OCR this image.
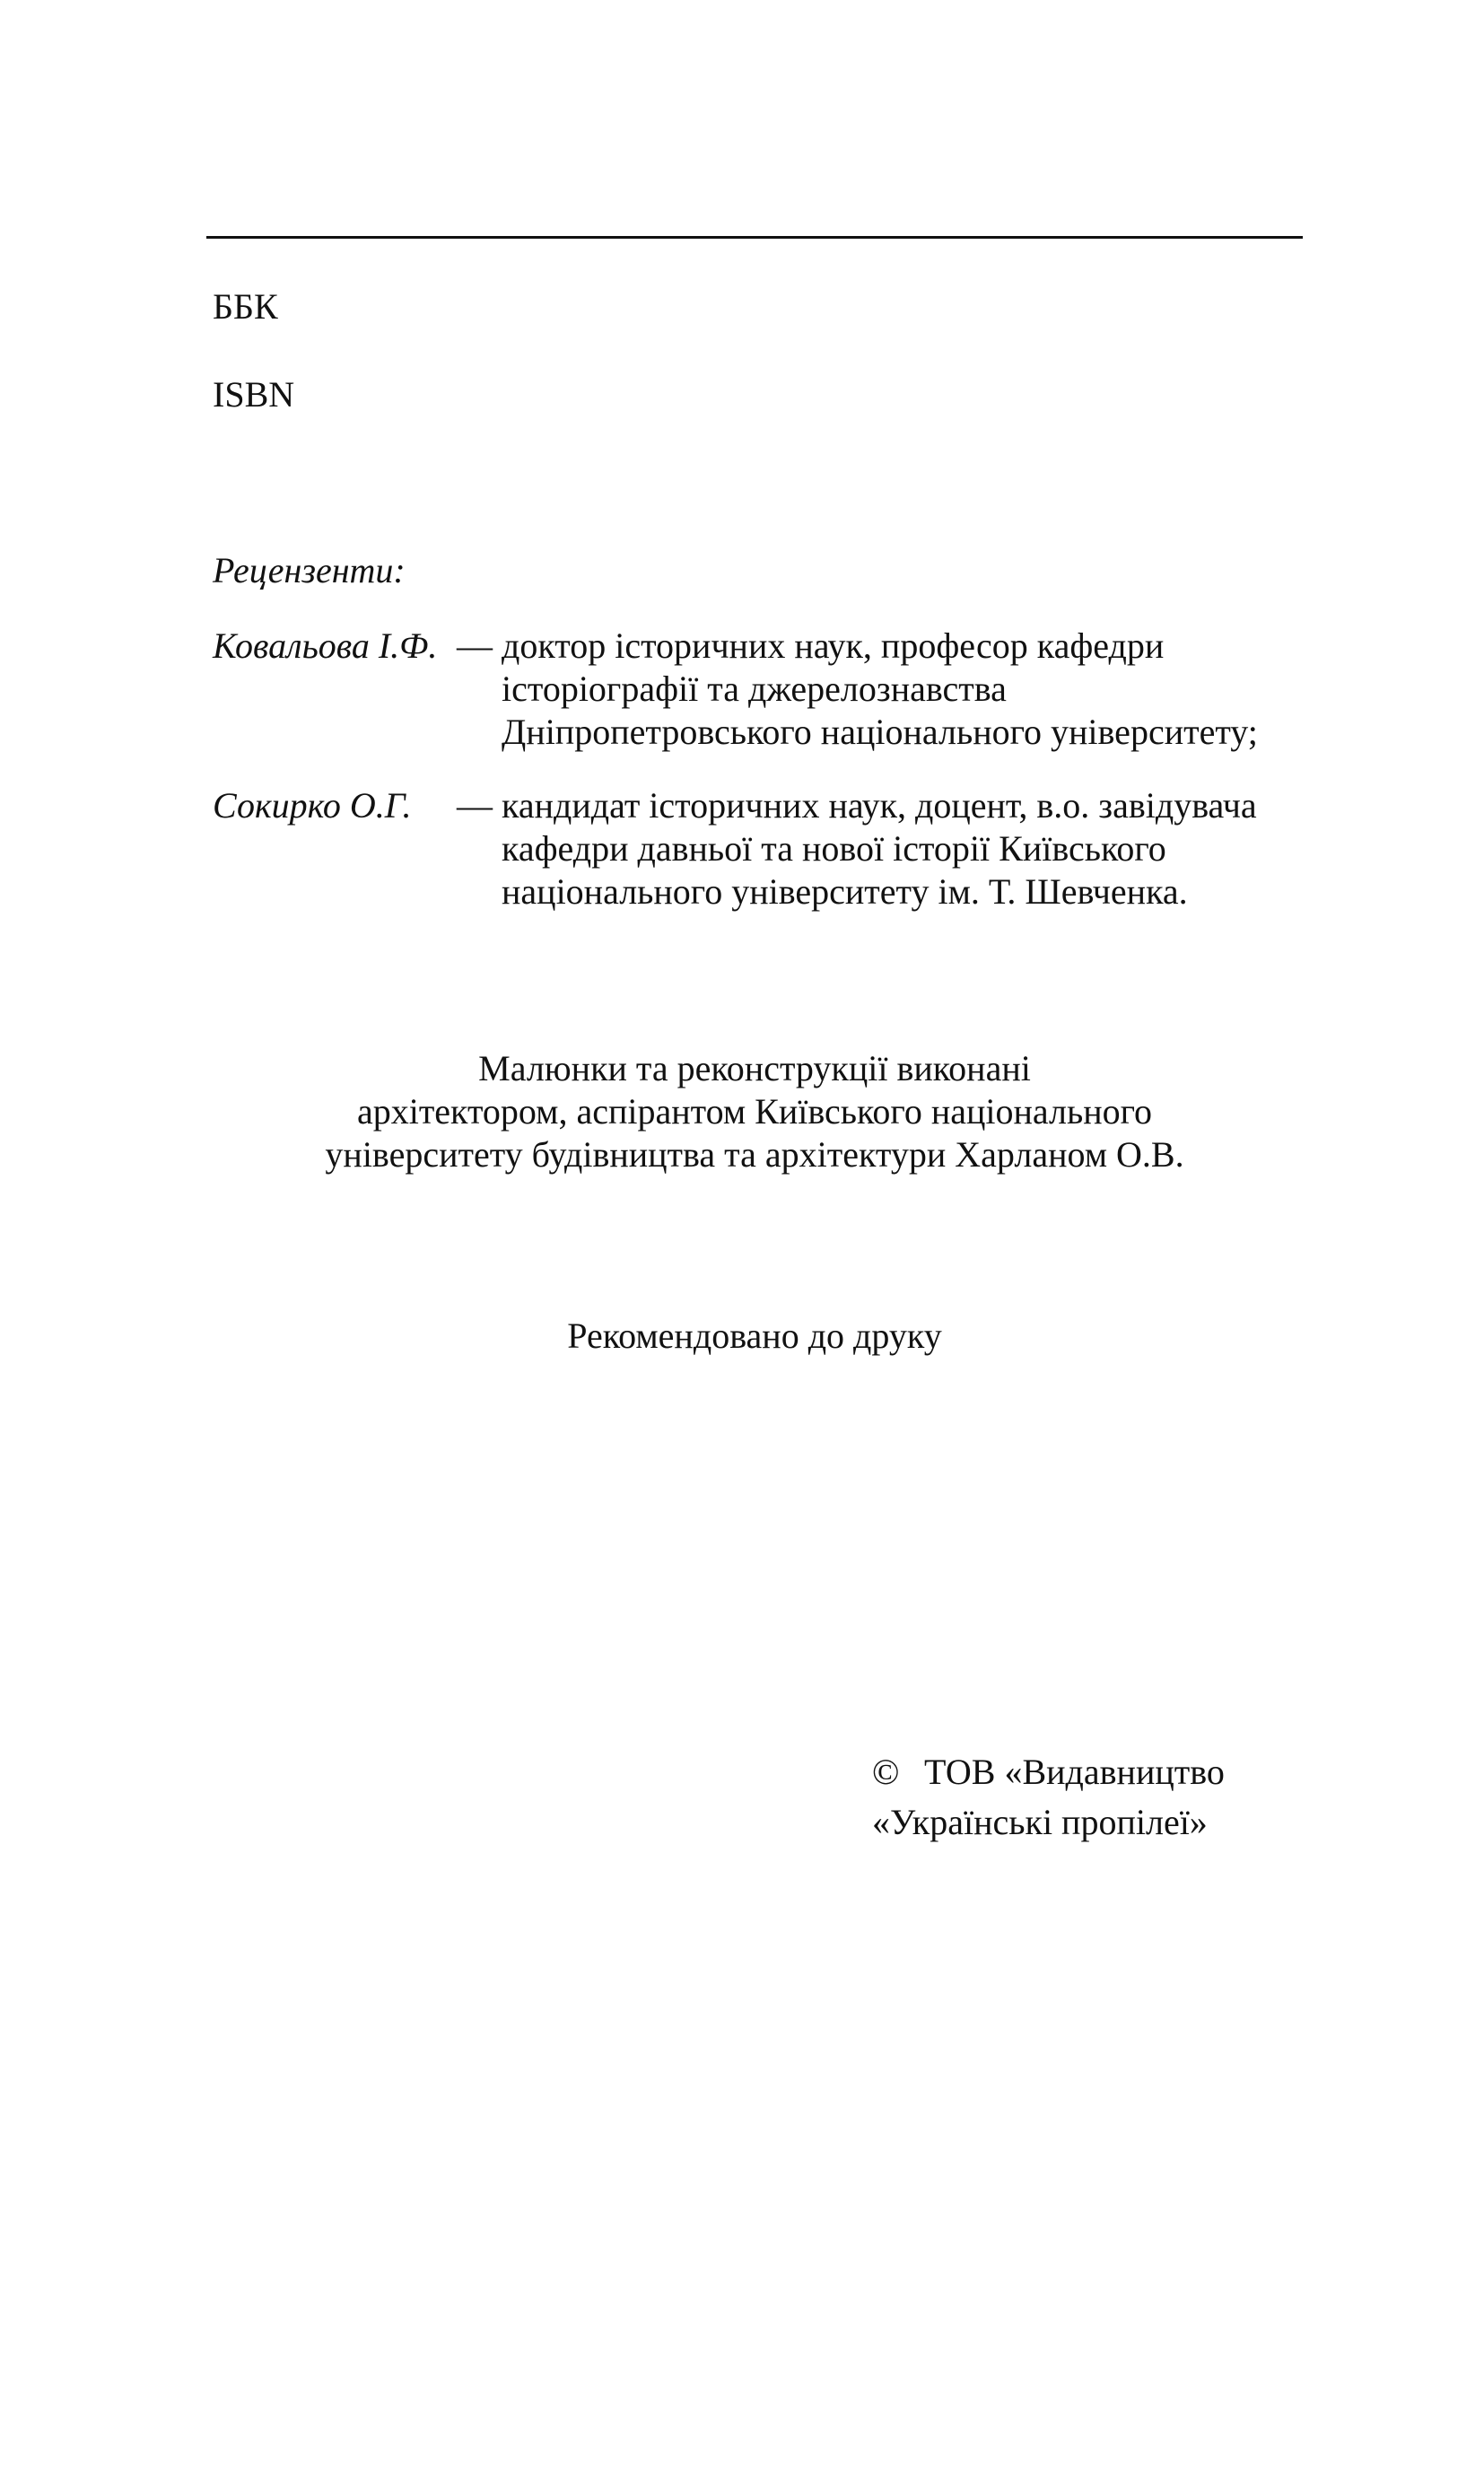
ББК
ISBN
Рецензенти:
Ковальова І.Ф. — доктор історичних наук, професор кафедри
історіографії та джерелознавства
Дніпропетровського національного університету;
Сокирко О.Г. — кандидат історичних наук, доцент, в.о. завідувача
кафедри давньої та нової історії Київського
національного університету ім. Т. Шевченка.
Малюнки та реконструкції виконані
архітектором, аспірантом Київського національного
університету будівництва та архітектури Харланом О.В.
Рекомендовано до друку
© ТОВ «Видавництво
«Українські пропілеї»
